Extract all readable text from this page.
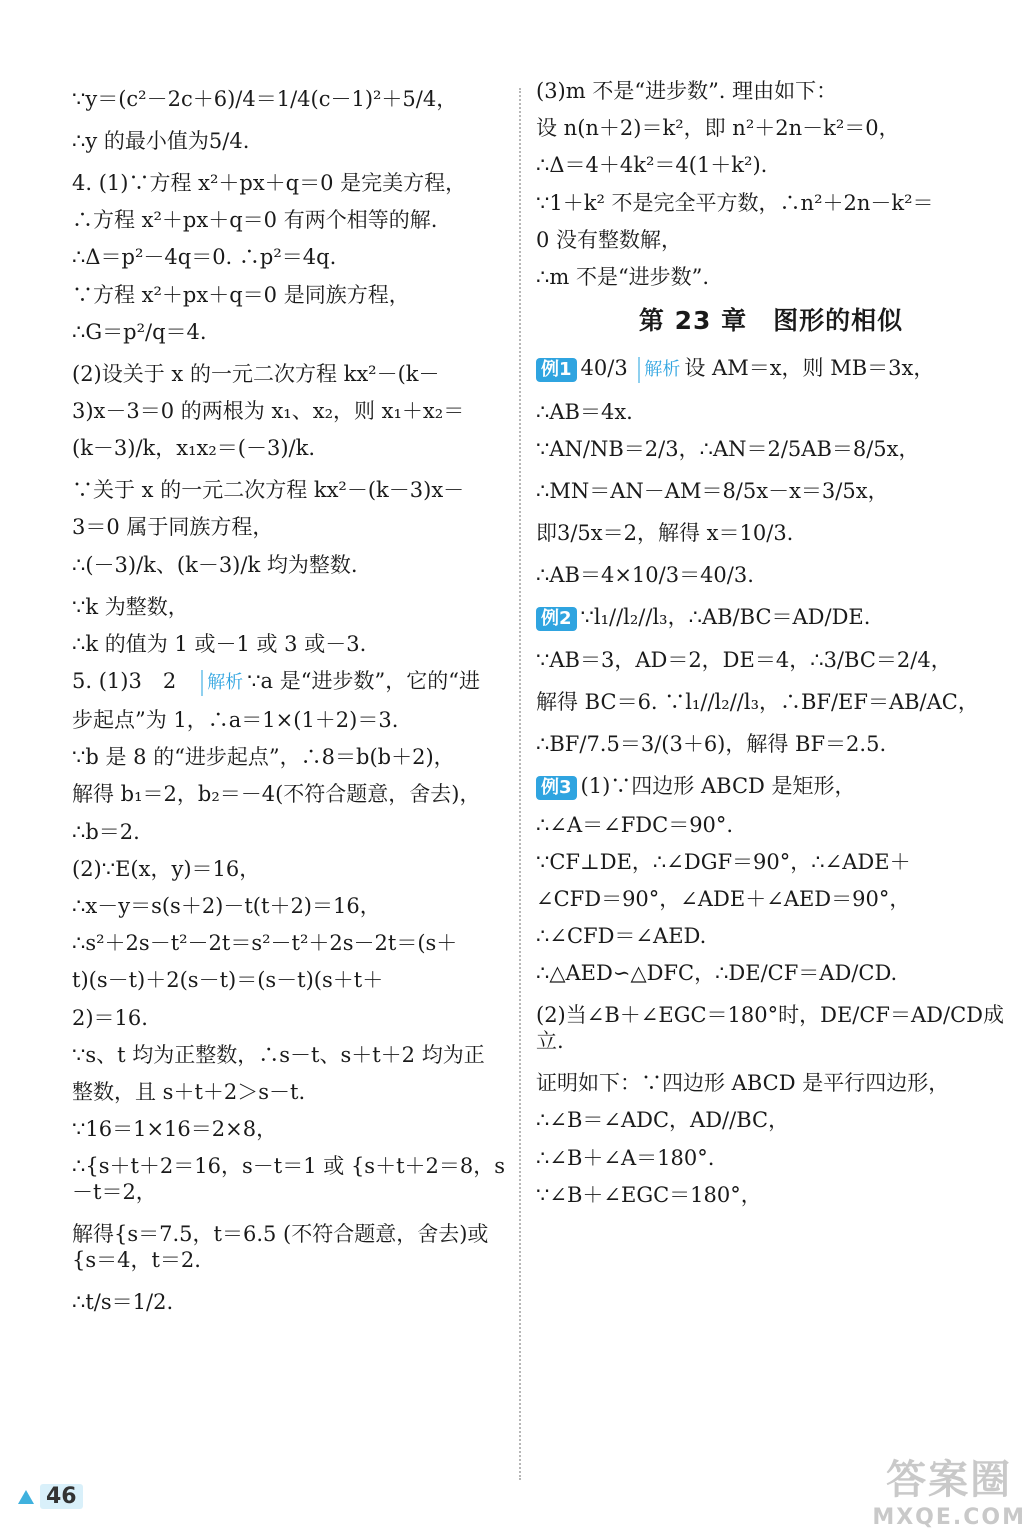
∵y＝(c²－2c＋6)/4＝1/4(c－1)²＋5/4，
∴y 的最小值为5/4.
4. (1)∵方程 x²＋px＋q＝0 是完美方程，
∴方程 x²＋px＋q＝0 有两个相等的解.
∴Δ＝p²－4q＝0. ∴p²＝4q.
∵方程 x²＋px＋q＝0 是同族方程，
∴G＝p²/q＝4.
(2)设关于 x 的一元二次方程 kx²－(k－
3)x－3＝0 的两根为 x₁、x₂，则 x₁＋x₂＝
(k－3)/k，x₁x₂＝(－3)/k.
∵关于 x 的一元二次方程 kx²－(k－3)x－
3＝0 属于同族方程，
∴(－3)/k、(k－3)/k 均为整数.
∵k 为整数，
∴k 的值为 1 或－1 或 3 或－3.
5. (1)3　2　解析 ∵a 是“进步数”，它的“进
步起点”为 1，∴a＝1×(1＋2)＝3.
∵b 是 8 的“进步起点”，∴8＝b(b＋2)，
解得 b₁＝2，b₂＝－4(不符合题意，舍去)，
∴b＝2.
(2)∵E(x，y)＝16，
∴x－y＝s(s＋2)－t(t＋2)＝16，
∴s²＋2s－t²－2t＝s²－t²＋2s－2t＝(s＋
t)(s－t)＋2(s－t)＝(s－t)(s＋t＋
2)＝16.
∵s、t 均为正整数，∴s－t、s＋t＋2 均为正
整数，且 s＋t＋2＞s－t.
∵16＝1×16＝2×8，
∴{s＋t＋2＝16，s－t＝1 或 {s＋t＋2＝8，s－t＝2，
解得{s＝7.5，t＝6.5 (不符合题意，舍去)或{s＝4，t＝2.
∴t/s＝1/2.
(3)m 不是“进步数”. 理由如下：
设 n(n＋2)＝k²，即 n²＋2n－k²＝0，
∴Δ＝4＋4k²＝4(1＋k²).
∵1＋k² 不是完全平方数，∴n²＋2n－k²＝
0 没有整数解，
∴m 不是“进步数”.
第 23 章　图形的相似
例1 40/3 解析 设 AM＝x，则 MB＝3x，
∴AB＝4x.
∵AN/NB＝2/3，∴AN＝2/5AB＝8/5x，
∴MN＝AN－AM＝8/5x－x＝3/5x，
即3/5x＝2，解得 x＝10/3.
∴AB＝4×10/3＝40/3.
例2 ∵l₁//l₂//l₃，∴AB/BC＝AD/DE.
∵AB＝3，AD＝2，DE＝4，∴3/BC＝2/4，
解得 BC＝6. ∵l₁//l₂//l₃，∴BF/EF＝AB/AC，
∴BF/7.5＝3/(3＋6)，解得 BF＝2.5.
例3 (1)∵四边形 ABCD 是矩形，
∴∠A＝∠FDC＝90°.
∵CF⊥DE，∴∠DGF＝90°，∴∠ADE＋
∠CFD＝90°，∠ADE＋∠AED＝90°，
∴∠CFD＝∠AED.
∴△AED∽△DFC，∴DE/CF＝AD/CD.
(2)当∠B＋∠EGC＝180°时，DE/CF＝AD/CD成立.
证明如下：∵四边形 ABCD 是平行四边形，
∴∠B＝∠ADC，AD//BC，
∴∠B＋∠A＝180°.
∵∠B＋∠EGC＝180°，
46	答案圈
MXQE.COM
